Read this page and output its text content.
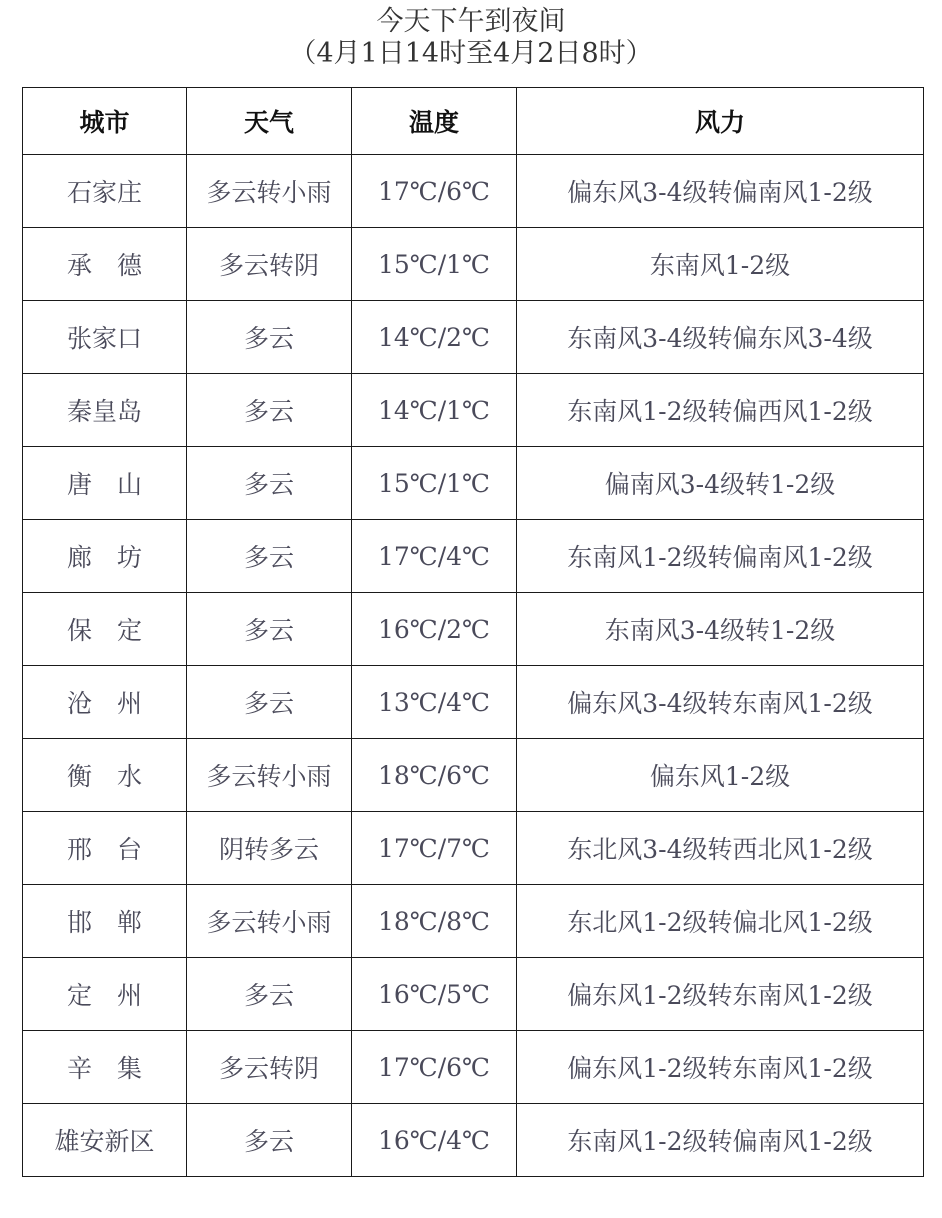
今天下午到夜间
（4月1日14时至4月2日8时）
城市	天气	温度	风力
石家庄	多云转小雨	17℃/6℃	偏东风3-4级转偏南风1-2级
承　德	多云转阴	15℃/1℃	东南风1-2级
张家口	多云	14℃/2℃	东南风3-4级转偏东风3-4级
秦皇岛	多云	14℃/1℃	东南风1-2级转偏西风1-2级
唐　山	多云	15℃/1℃	偏南风3-4级转1-2级
廊　坊	多云	17℃/4℃	东南风1-2级转偏南风1-2级
保　定	多云	16℃/2℃	东南风3-4级转1-2级
沧　州	多云	13℃/4℃	偏东风3-4级转东南风1-2级
衡　水	多云转小雨	18℃/6℃	偏东风1-2级
邢　台	阴转多云	17℃/7℃	东北风3-4级转西北风1-2级
邯　郸	多云转小雨	18℃/8℃	东北风1-2级转偏北风1-2级
定　州	多云	16℃/5℃	偏东风1-2级转东南风1-2级
辛　集	多云转阴	17℃/6℃	偏东风1-2级转东南风1-2级
雄安新区	多云	16℃/4℃	东南风1-2级转偏南风1-2级
